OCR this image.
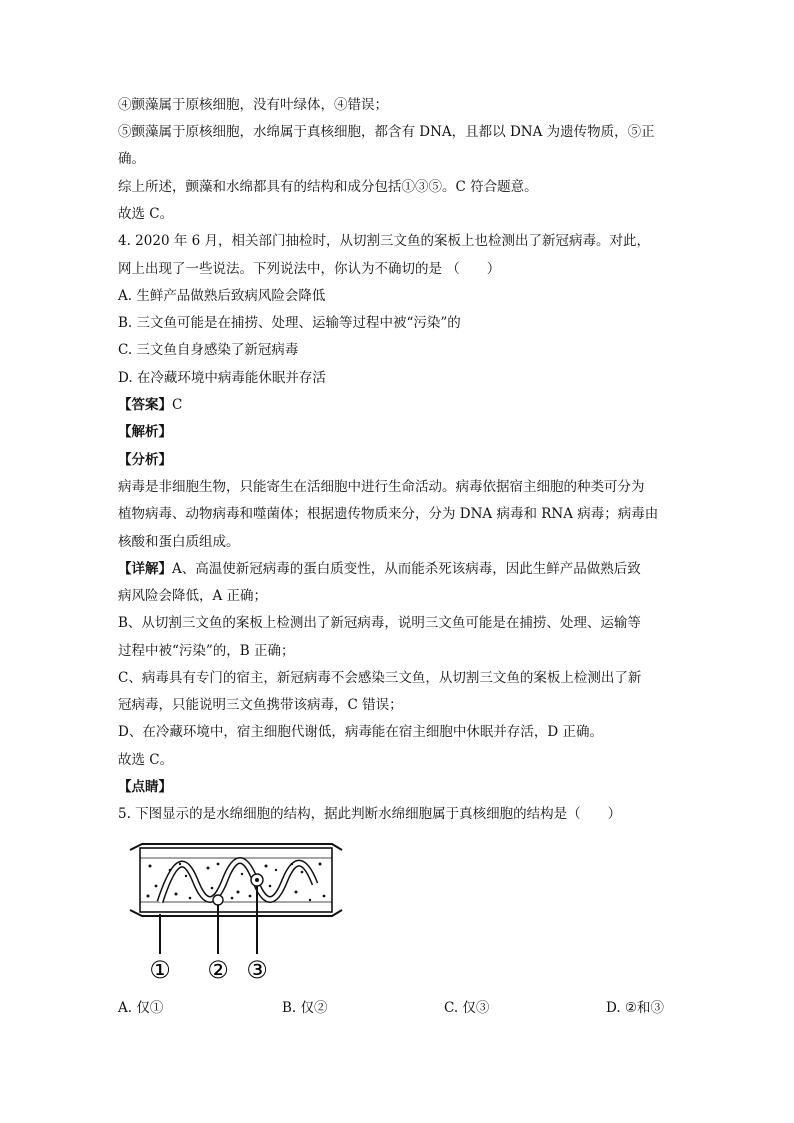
④颤藻属于原核细胞，没有叶绿体，④错误；
⑤颤藻属于原核细胞，水绵属于真核细胞，都含有 DNA，且都以 DNA 为遗传物质，⑤正
确。
综上所述，颤藻和水绵都具有的结构和成分包括①③⑤。C 符合题意。
故选 C。
4. 2020 年 6 月，相关部门抽检时，从切割三文鱼的案板上也检测出了新冠病毒。对此，
网上出现了一些说法。下列说法中，你认为不确切的是 （　　）
A. 生鲜产品做熟后致病风险会降低
B. 三文鱼可能是在捕捞、处理、运输等过程中被“污染”的
C. 三文鱼自身感染了新冠病毒
D. 在冷藏环境中病毒能休眠并存活
【答案】C
【解析】
【分析】
病毒是非细胞生物，只能寄生在活细胞中进行生命活动。病毒依据宿主细胞的种类可分为
植物病毒、动物病毒和噬菌体；根据遗传物质来分，分为 DNA 病毒和 RNA 病毒；病毒由
核酸和蛋白质组成。
【详解】A、高温使新冠病毒的蛋白质变性，从而能杀死该病毒，因此生鲜产品做熟后致
病风险会降低，A 正确；
B、从切割三文鱼的案板上检测出了新冠病毒，说明三文鱼可能是在捕捞、处理、运输等
过程中被“污染”的，B 正确；
C、病毒具有专门的宿主，新冠病毒不会感染三文鱼，从切割三文鱼的案板上检测出了新
冠病毒，只能说明三文鱼携带该病毒，C 错误；
D、在冷藏环境中，宿主细胞代谢低，病毒能在宿主细胞中休眠并存活，D 正确。
故选 C。
【点睛】
5. 下图显示的是水绵细胞的结构，据此判断水绵细胞属于真核细胞的结构是（　　）
① ② ③
A. 仅①	B. 仅②	C. 仅③	D. ②和③
